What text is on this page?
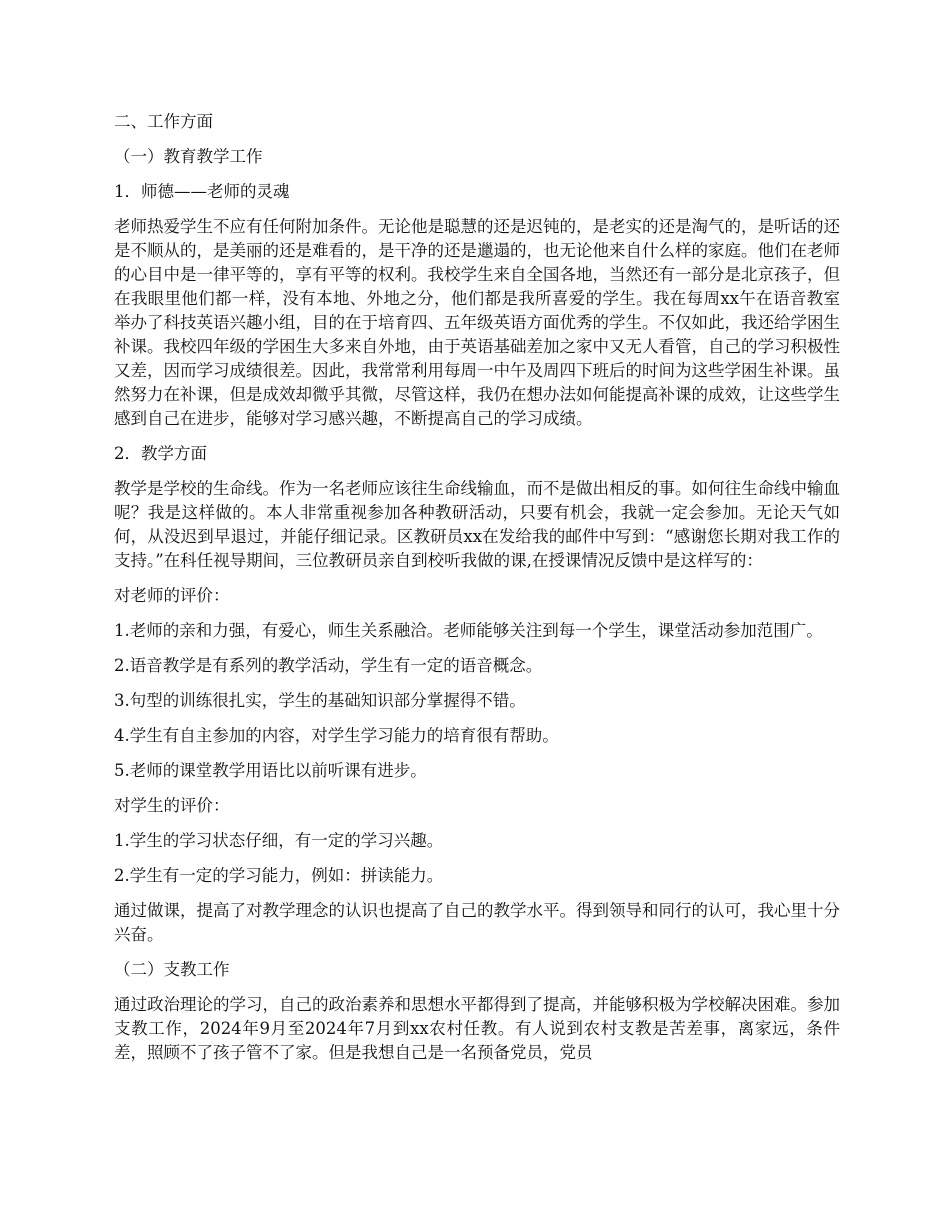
二、工作方面

（一）教育教学工作

1．师德——老师的灵魂

老师热爱学生不应有任何附加条件。无论他是聪慧的还是迟钝的，是老实的还是淘气的，是听话的还是不顺从的，是美丽的还是难看的，是干净的还是邋遢的，也无论他来自什么样的家庭。他们在老师的心目中是一律平等的，享有平等的权利。我校学生来自全国各地，当然还有一部分是北京孩子，但在我眼里他们都一样，没有本地、外地之分，他们都是我所喜爱的学生。我在每周xx午在语音教室举办了科技英语兴趣小组，目的在于培育四、五年级英语方面优秀的学生。不仅如此，我还给学困生补课。我校四年级的学困生大多来自外地，由于英语基础差加之家中又无人看管，自己的学习积极性又差，因而学习成绩很差。因此，我常常利用每周一中午及周四下班后的时间为这些学困生补课。虽然努力在补课，但是成效却微乎其微，尽管这样，我仍在想办法如何能提高补课的成效，让这些学生感到自己在进步，能够对学习感兴趣，不断提高自己的学习成绩。

2．教学方面

教学是学校的生命线。作为一名老师应该往生命线输血，而不是做出相反的事。如何往生命线中输血呢？我是这样做的。本人非常重视参加各种教研活动，只要有机会，我就一定会参加。无论天气如何，从没迟到早退过，并能仔细记录。区教研员xx在发给我的邮件中写到：“感谢您长期对我工作的支持。”在科任视导期间，三位教研员亲自到校听我做的课,在授课情况反馈中是这样写的：

对老师的评价：

1.老师的亲和力强，有爱心，师生关系融洽。老师能够关注到每一个学生，课堂活动参加范围广。

2.语音教学是有系列的教学活动，学生有一定的语音概念。

3.句型的训练很扎实，学生的基础知识部分掌握得不错。

4.学生有自主参加的内容，对学生学习能力的培育很有帮助。

5.老师的课堂教学用语比以前听课有进步。

对学生的评价：

1.学生的学习状态仔细，有一定的学习兴趣。

2.学生有一定的学习能力，例如：拼读能力。

通过做课，提高了对教学理念的认识也提高了自己的教学水平。得到领导和同行的认可，我心里十分兴奋。

（二）支教工作

通过政治理论的学习，自己的政治素养和思想水平都得到了提高，并能够积极为学校解决困难。参加支教工作，2024年9月至2024年7月到xx农村任教。有人说到农村支教是苦差事，离家远，条件差，照顾不了孩子管不了家。但是我想自己是一名预备党员，党员
